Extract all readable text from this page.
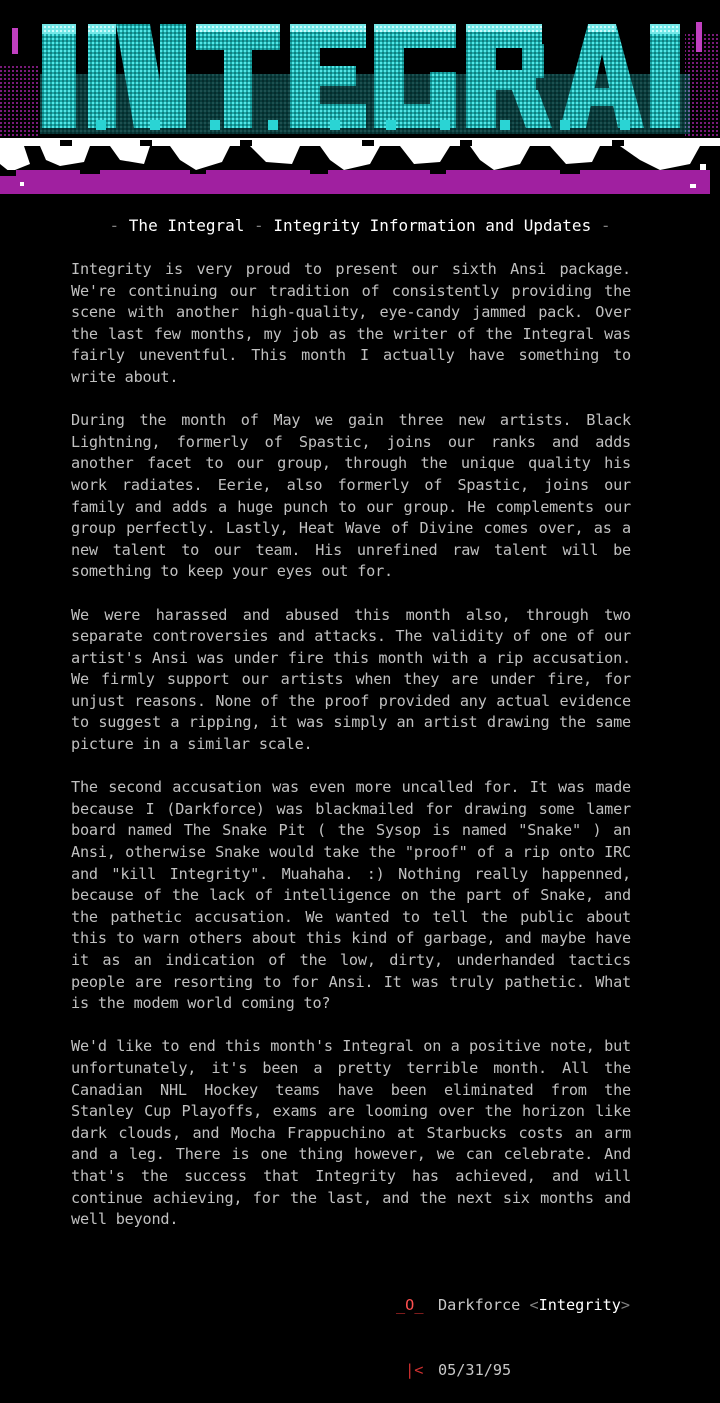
- The Integral - Integrity Information and Updates -

Integrity is very proud to present our sixth Ansi package. We're continuing our tradition of consistently providing the scene with another high-quality, eye-candy jammed pack. Over the last few months, my job as the writer of the Integral was fairly uneventful. This month I actually have something to write about.

During the month of May we gain three new artists. Black Lightning, formerly of Spastic, joins our ranks and adds another facet to our group, through the unique quality his work radiates. Eerie, also formerly of Spastic, joins our family and adds a huge punch to our group. He complements our group perfectly. Lastly, Heat Wave of Divine comes over, as a new talent to our team. His unrefined raw talent will be something to keep your eyes out for.

We were harassed and abused this month also, through two separate controversies and attacks. The validity of one of our artist's Ansi was under fire this month with a rip accusation. We firmly support our artists when they are under fire, for unjust reasons. None of the proof provided any actual evidence to suggest a ripping, it was simply an artist drawing the same picture in a similar scale.

The second accusation was even more uncalled for. It was made because I (Darkforce) was blackmailed for drawing some lamer board named The Snake Pit ( the Sysop is named "Snake" ) an Ansi, otherwise Snake would take the "proof" of a rip onto IRC and "kill Integrity". Muahaha. :) Nothing really happenned, because of the lack of intelligence on the part of Snake, and the pathetic accusation. We wanted to tell the public about this to warn others about this kind of garbage, and maybe have it as an indication of the low, dirty, underhanded tactics people are resorting to for Ansi. It was truly pathetic. What is the modem world coming to?

We'd like to end this month's Integral on a positive note, but unfortunately, it's been a pretty terrible month. All the Canadian NHL Hockey teams have been eliminated from the Stanley Cup Playoffs, exams are looming over the horizon like dark clouds, and Mocha Frappuchino at Starbucks costs an arm and a leg. There is one thing however, we can celebrate. And that's the success that Integrity has achieved, and will continue achieving, for the last, and the next six months and well beyond.

_O_ Darkforce
< Integrity >

|< 05/31/95
